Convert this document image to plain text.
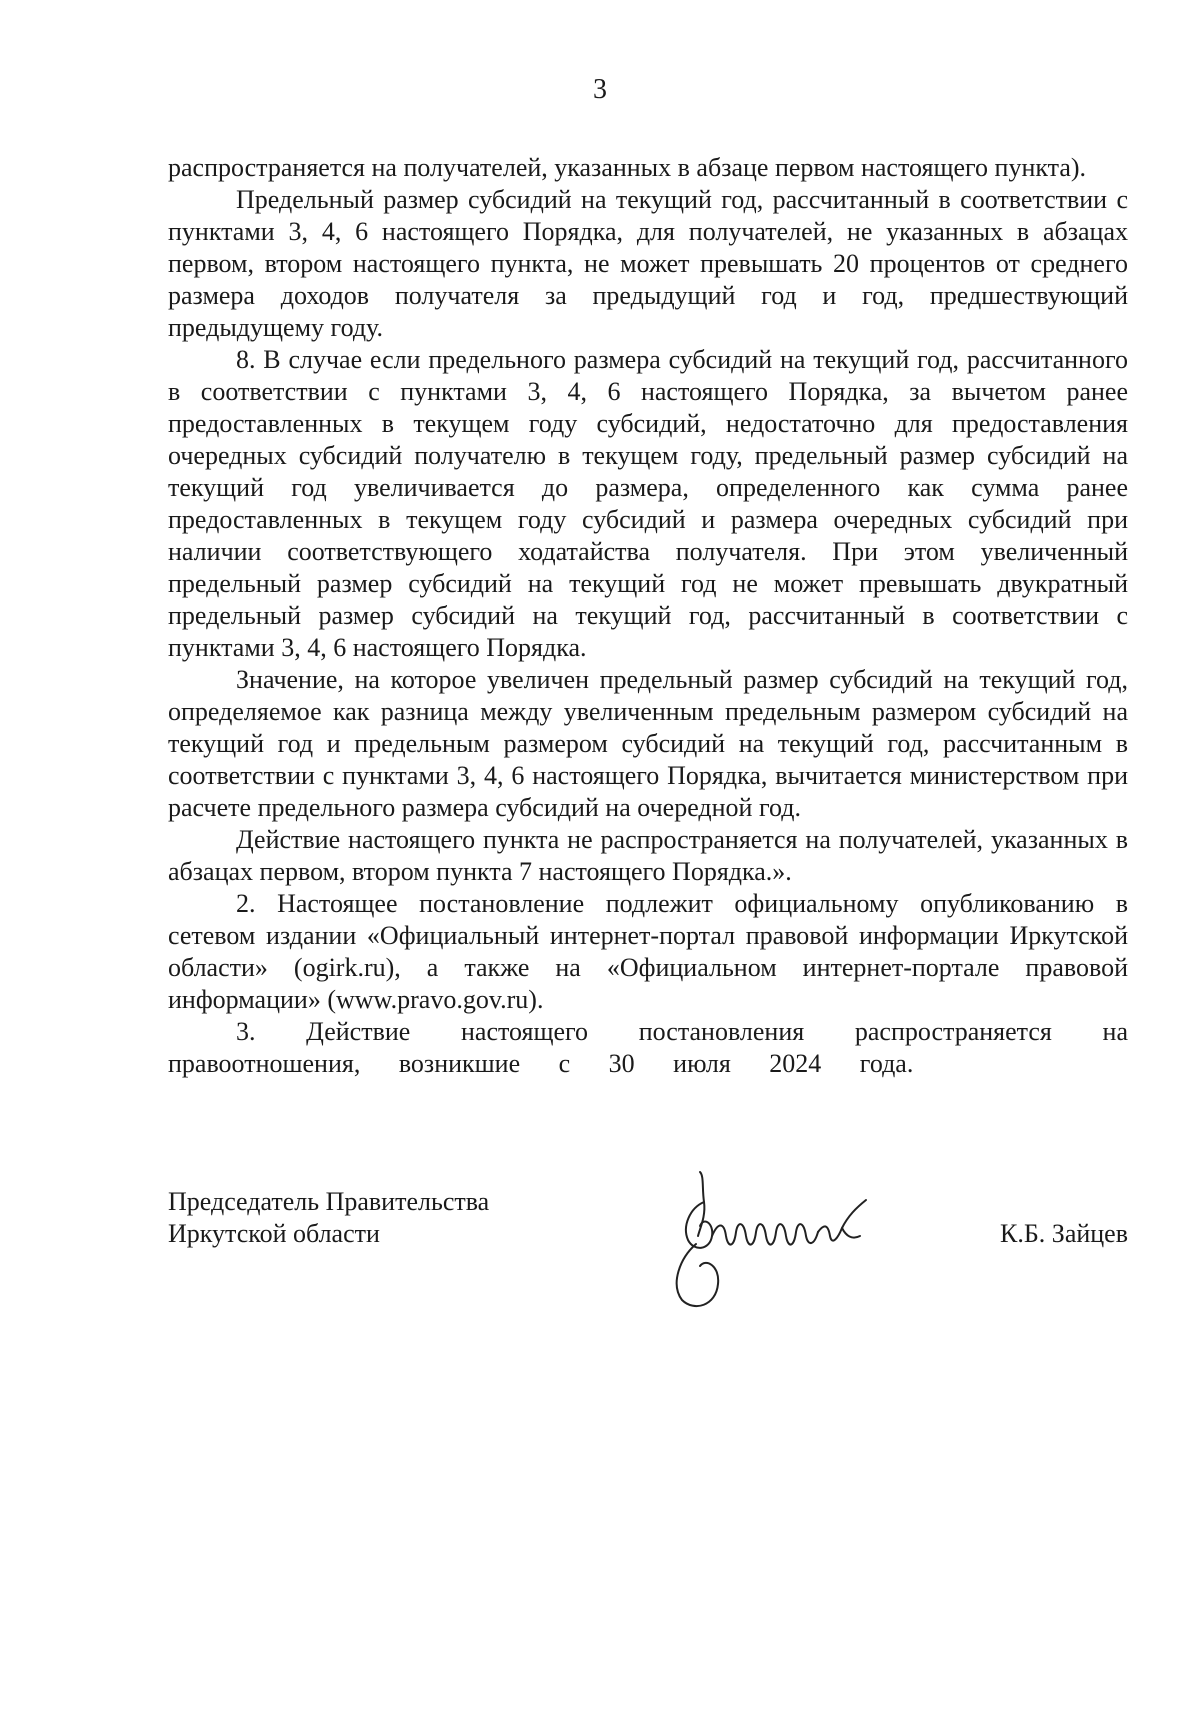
3

распространяется на получателей, указанных в абзаце первом настоящего пункта).

Предельный размер субсидий на текущий год, рассчитанный в соответствии с пунктами 3, 4, 6 настоящего Порядка, для получателей, не указанных в абзацах первом, втором настоящего пункта, не может превышать 20 процентов от среднего размера доходов получателя за предыдущий год и год, предшествующий предыдущему году.

8. В случае если предельного размера субсидий на текущий год, рассчитанного в соответствии с пунктами 3, 4, 6 настоящего Порядка, за вычетом ранее предоставленных в текущем году субсидий, недостаточно для предоставления очередных субсидий получателю в текущем году, предельный размер субсидий на текущий год увеличивается до размера, определенного как сумма ранее предоставленных в текущем году субсидий и размера очередных субсидий при наличии соответствующего ходатайства получателя. При этом увеличенный предельный размер субсидий на текущий год не может превышать двукратный предельный размер субсидий на текущий год, рассчитанный в соответствии с пунктами 3, 4, 6 настоящего Порядка.

Значение, на которое увеличен предельный размер субсидий на текущий год, определяемое как разница между увеличенным предельным размером субсидий на текущий год и предельным размером субсидий на текущий год, рассчитанным в соответствии с пунктами 3, 4, 6 настоящего Порядка, вычитается министерством при расчете предельного размера субсидий на очередной год.

Действие настоящего пункта не распространяется на получателей, указанных в абзацах первом, втором пункта 7 настоящего Порядка.».

2. Настоящее постановление подлежит официальному опубликованию в сетевом издании «Официальный интернет-портал правовой информации Иркутской области» (ogirk.ru), а также на «Официальном интернет-портале правовой информации» (www.pravo.gov.ru).

3. Действие настоящего постановления распространяется на правоотношения, возникшие с 30 июля 2024 года.

Председатель Правительства
Иркутской области	К.Б. Зайцев
